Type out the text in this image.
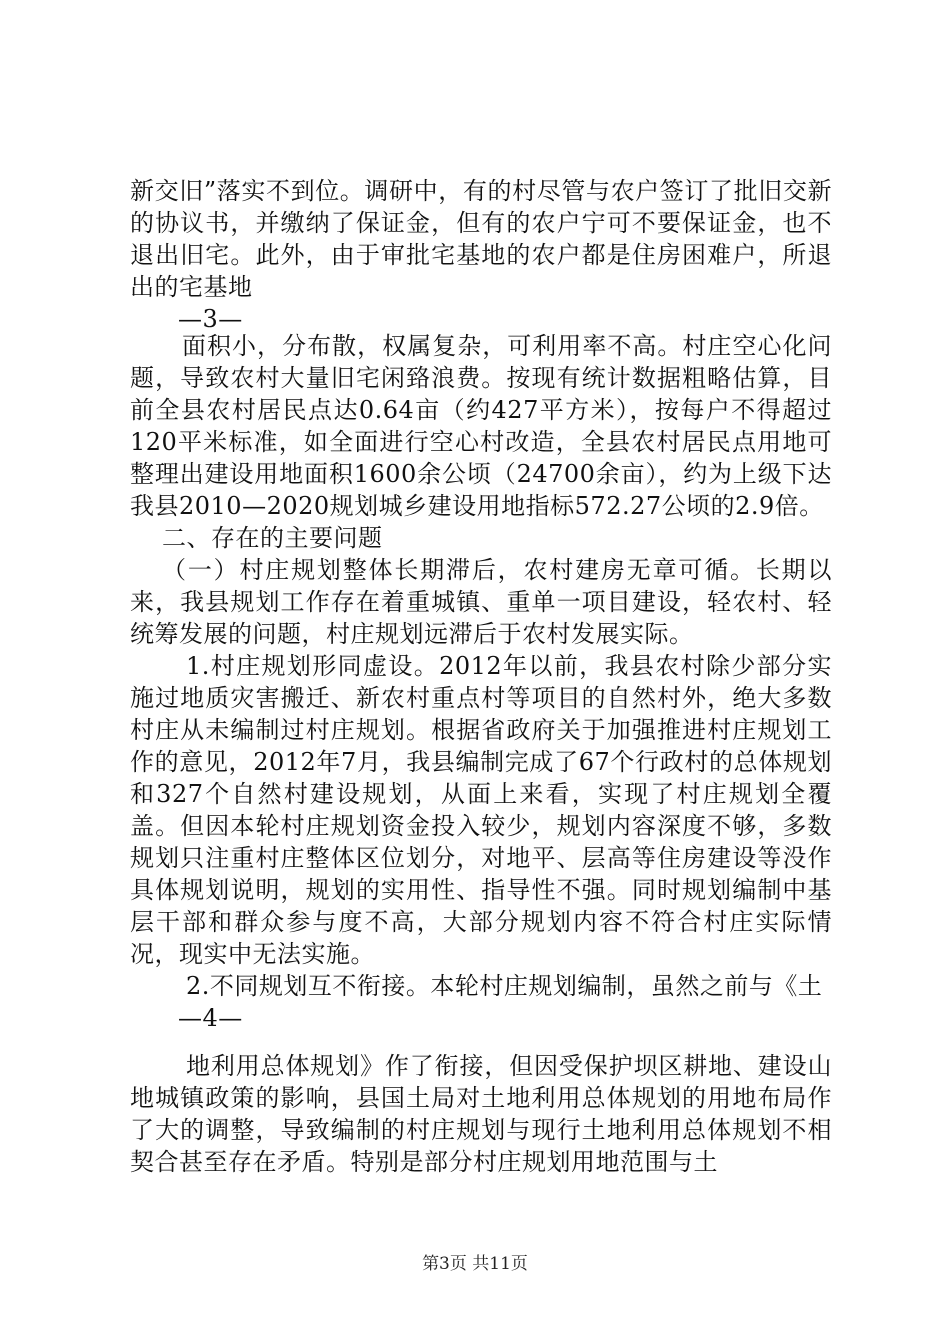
新交旧”落实不到位。调研中，有的村尽管与农户签订了批旧交新的协议书，并缴纳了保证金，但有的农户宁可不要保证金，也不退出旧宅。此外，由于审批宅基地的农户都是住房困难户，所退出的宅基地

—3—

面积小，分布散，权属复杂，可利用率不高。村庄空心化问题，导致农村大量旧宅闲臵浪费。按现有统计数据粗略估算，目前全县农村居民点达0.64亩（约427平方米），按每户不得超过120平米标准，如全面进行空心村改造，全县农村居民点用地可整理出建设用地面积1600余公顷（24700余亩），约为上级下达我县2010—2020规划城乡建设用地指标572.27公顷的2.9倍。

二、存在的主要问题

（一）村庄规划整体长期滞后，农村建房无章可循。长期以来，我县规划工作存在着重城镇、重单一项目建设，轻农村、轻统筹发展的问题，村庄规划远滞后于农村发展实际。

1.村庄规划形同虚设。2012年以前，我县农村除少部分实施过地质灾害搬迁、新农村重点村等项目的自然村外，绝大多数村庄从未编制过村庄规划。根据省政府关于加强推进村庄规划工作的意见，2012年7月，我县编制完成了67个行政村的总体规划和327个自然村建设规划，从面上来看，实现了村庄规划全覆盖。但因本轮村庄规划资金投入较少，规划内容深度不够，多数规划只注重村庄整体区位划分，对地平、层高等住房建设等没作具体规划说明，规划的实用性、指导性不强。同时规划编制中基层干部和群众参与度不高，大部分规划内容不符合村庄实际情况，现实中无法实施。

2.不同规划互不衔接。本轮村庄规划编制，虽然之前与《土

—4—

地利用总体规划》作了衔接，但因受保护坝区耕地、建设山地城镇政策的影响，县国土局对土地利用总体规划的用地布局作了大的调整，导致编制的村庄规划与现行土地利用总体规划不相契合甚至存在矛盾。特别是部分村庄规划用地范围与土

第3页 共11页
